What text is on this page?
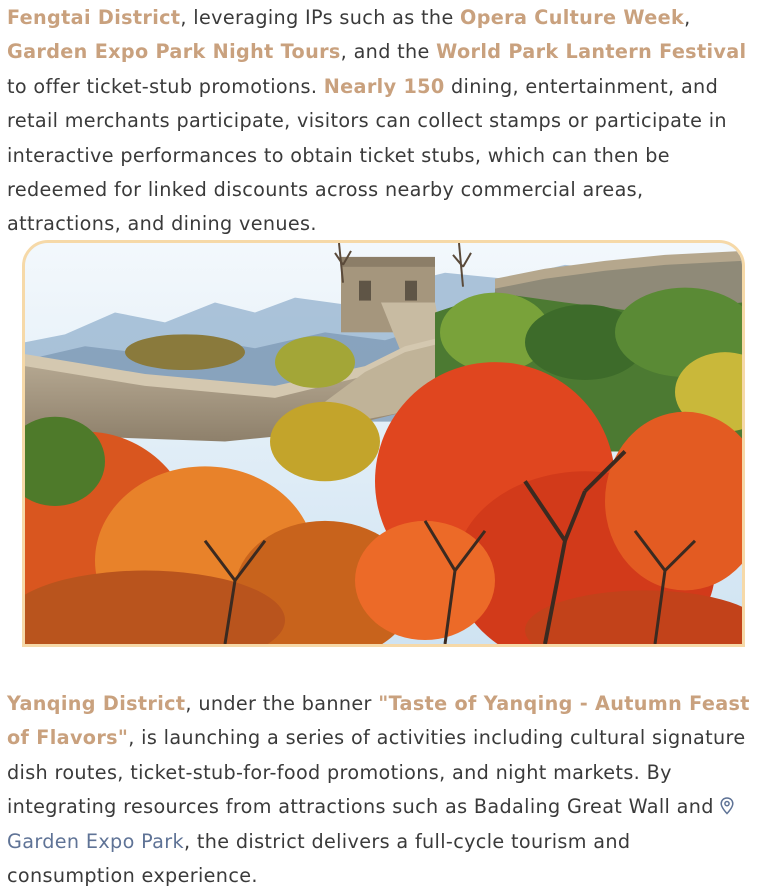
Fengtai District, leveraging IPs such as the Opera Culture Week, Garden Expo Park Night Tours, and the World Park Lantern Festival to offer ticket-stub promotions. Nearly 150 dining, entertainment, and retail merchants participate, visitors can collect stamps or participate in interactive performances to obtain ticket stubs, which can then be redeemed for linked discounts across nearby commercial areas, attractions, and dining venues.

Yanqing District, under the banner "Taste of Yanqing - Autumn Feast of Flavors", is launching a series of activities including cultural signature dish routes, ticket-stub-for-food promotions, and night markets. By integrating resources from attractions such as Badaling Great Wall and Garden Expo Park, the district delivers a full-cycle tourism and consumption experience.
